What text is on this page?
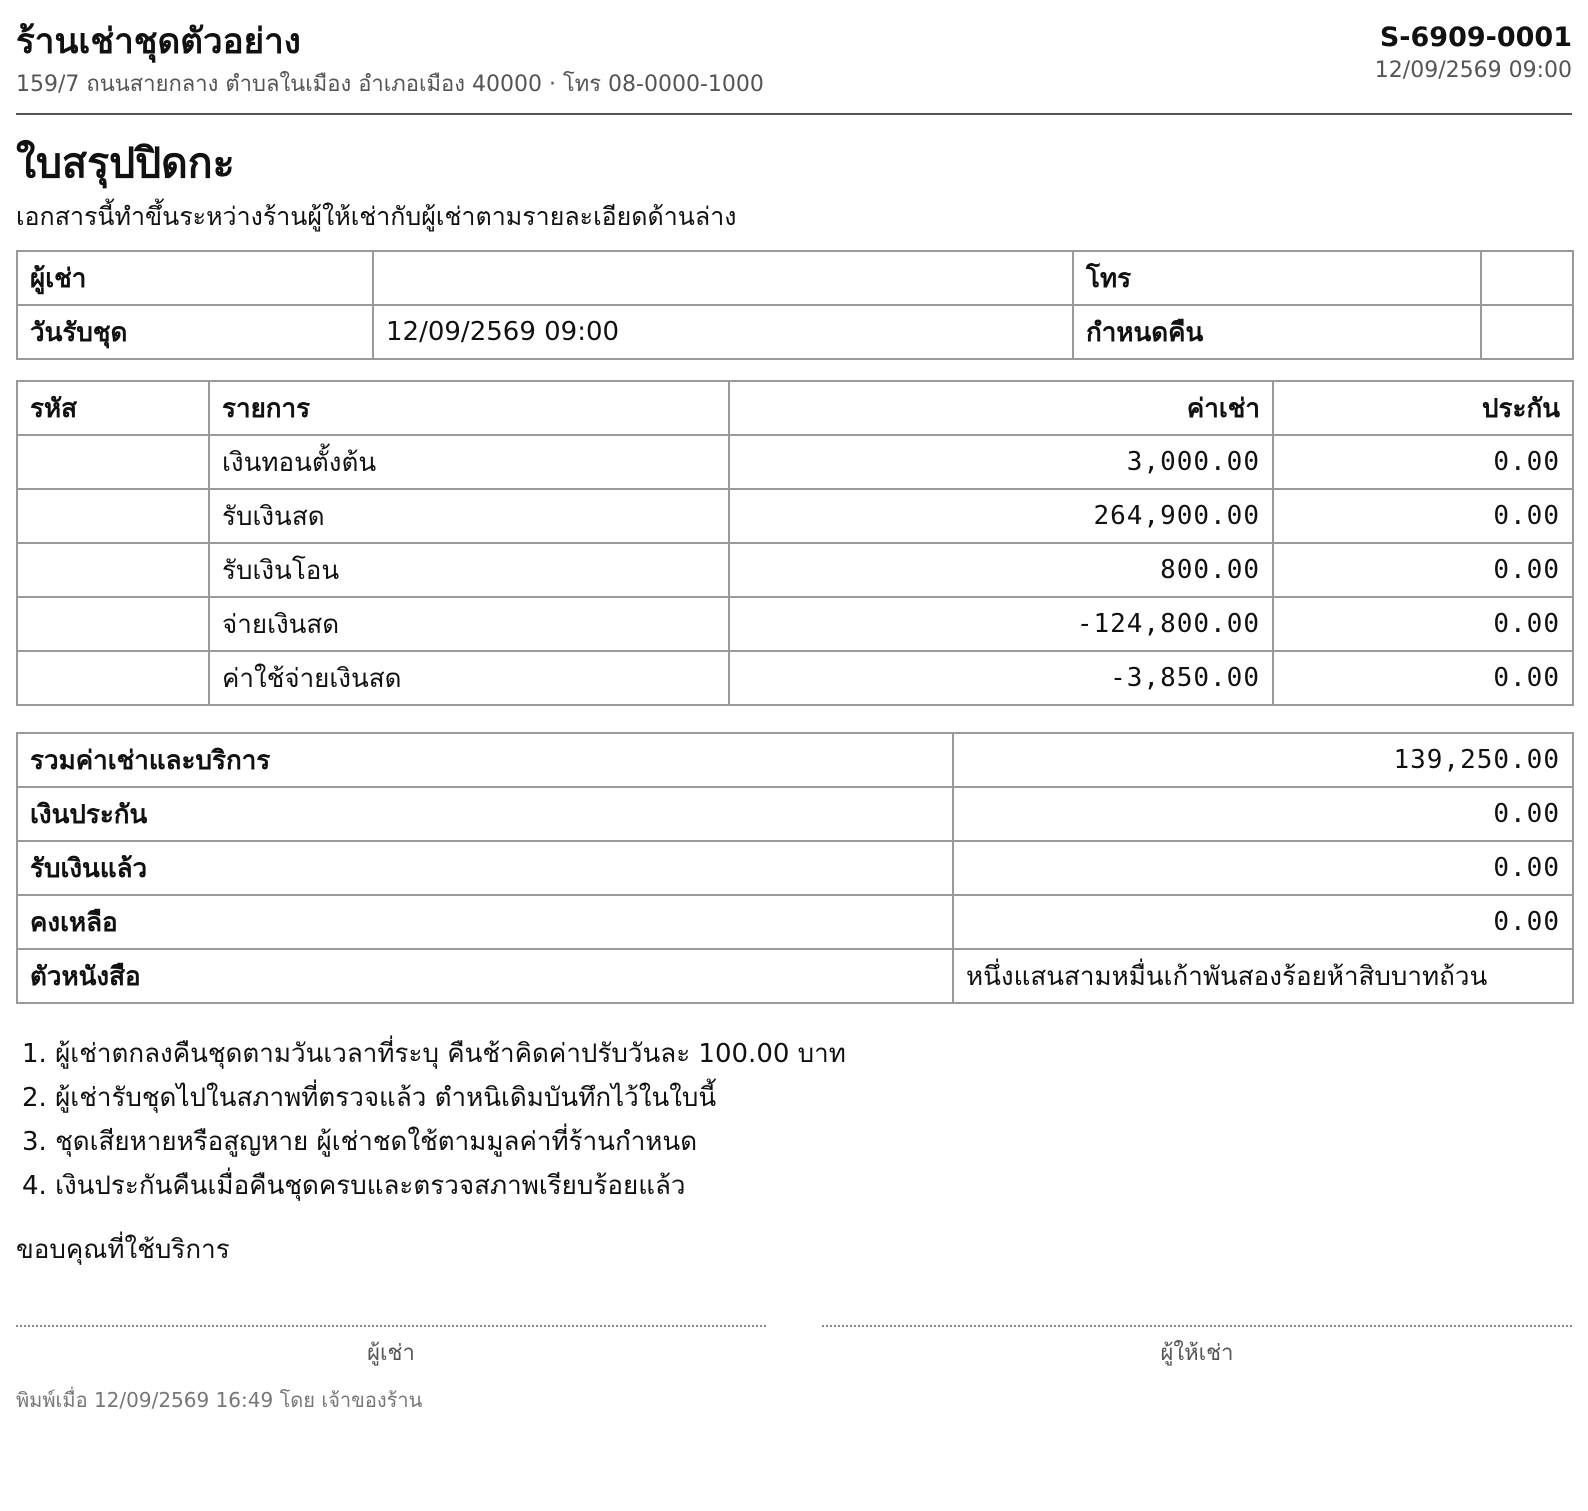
ร้านเช่าชุดตัวอย่าง
159/7 ถนนสายกลาง ตำบลในเมือง อำเภอเมือง 40000 · โทร 08-0000-1000
S-6909-0001
12/09/2569 09:00
ใบสรุปปิดกะ
เอกสารนี้ทำขึ้นระหว่างร้านผู้ให้เช่ากับผู้เช่าตามรายละเอียดด้านล่าง
ผู้เช่า		โทร	
วันรับชุด	12/09/2569 09:00	กำหนดคืน	
รหัส	รายการ	ค่าเช่า	ประกัน
	เงินทอนตั้งต้น	3,000.00	0.00
	รับเงินสด	264,900.00	0.00
	รับเงินโอน	800.00	0.00
	จ่ายเงินสด	-124,800.00	0.00
	ค่าใช้จ่ายเงินสด	-3,850.00	0.00
รวมค่าเช่าและบริการ	139,250.00
เงินประกัน	0.00
รับเงินแล้ว	0.00
คงเหลือ	0.00
ตัวหนังสือ	หนึ่งแสนสามหมื่นเก้าพันสองร้อยห้าสิบบาทถ้วน
1. ผู้เช่าตกลงคืนชุดตามวันเวลาที่ระบุ คืนช้าคิดค่าปรับวันละ 100.00 บาท
2. ผู้เช่ารับชุดไปในสภาพที่ตรวจแล้ว ตำหนิเดิมบันทึกไว้ในใบนี้
3. ชุดเสียหายหรือสูญหาย ผู้เช่าชดใช้ตามมูลค่าที่ร้านกำหนด
4. เงินประกันคืนเมื่อคืนชุดครบและตรวจสภาพเรียบร้อยแล้ว
ขอบคุณที่ใช้บริการ
ผู้เช่า	ผู้ให้เช่า
พิมพ์เมื่อ 12/09/2569 16:49 โดย เจ้าของร้าน
